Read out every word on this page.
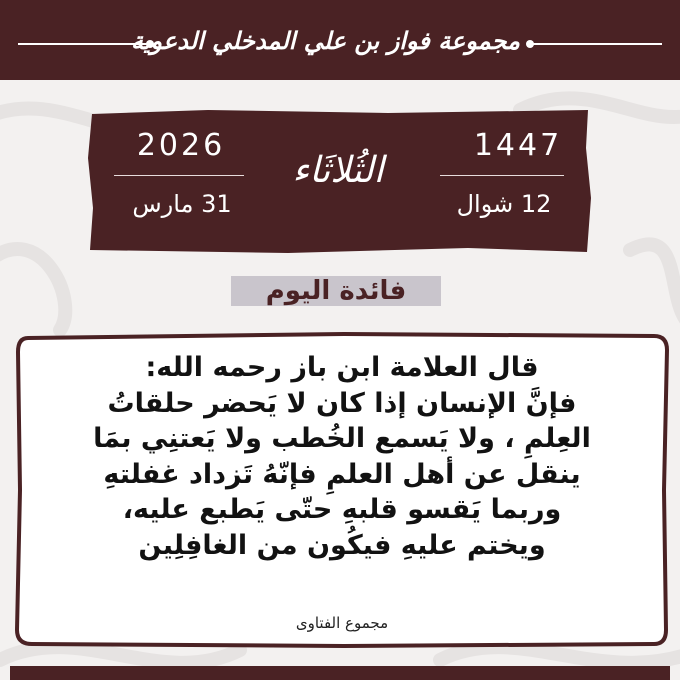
مجموعة فواز بن علي المدخلي الدعوية
2026
31 مارس
الثُلاثَاء
1447
12 شوال
فائدة اليوم
قال العلامة ابن باز رحمه الله:
فإنَّ الإنسان إذا كان لا يَحضر حلقاتُ
العِلمِ ، ولا يَسمع الخُطب ولا يَعتنِي بمَا
ينقل عن أهل العلمِ فإنّهُ تَزداد غفلتهِ
وربما يَقسو قلبهِ حتّى يَطبع عليه،
ويختم عليهِ فيكُون من الغافِلِين
مجموع الفتاوى
